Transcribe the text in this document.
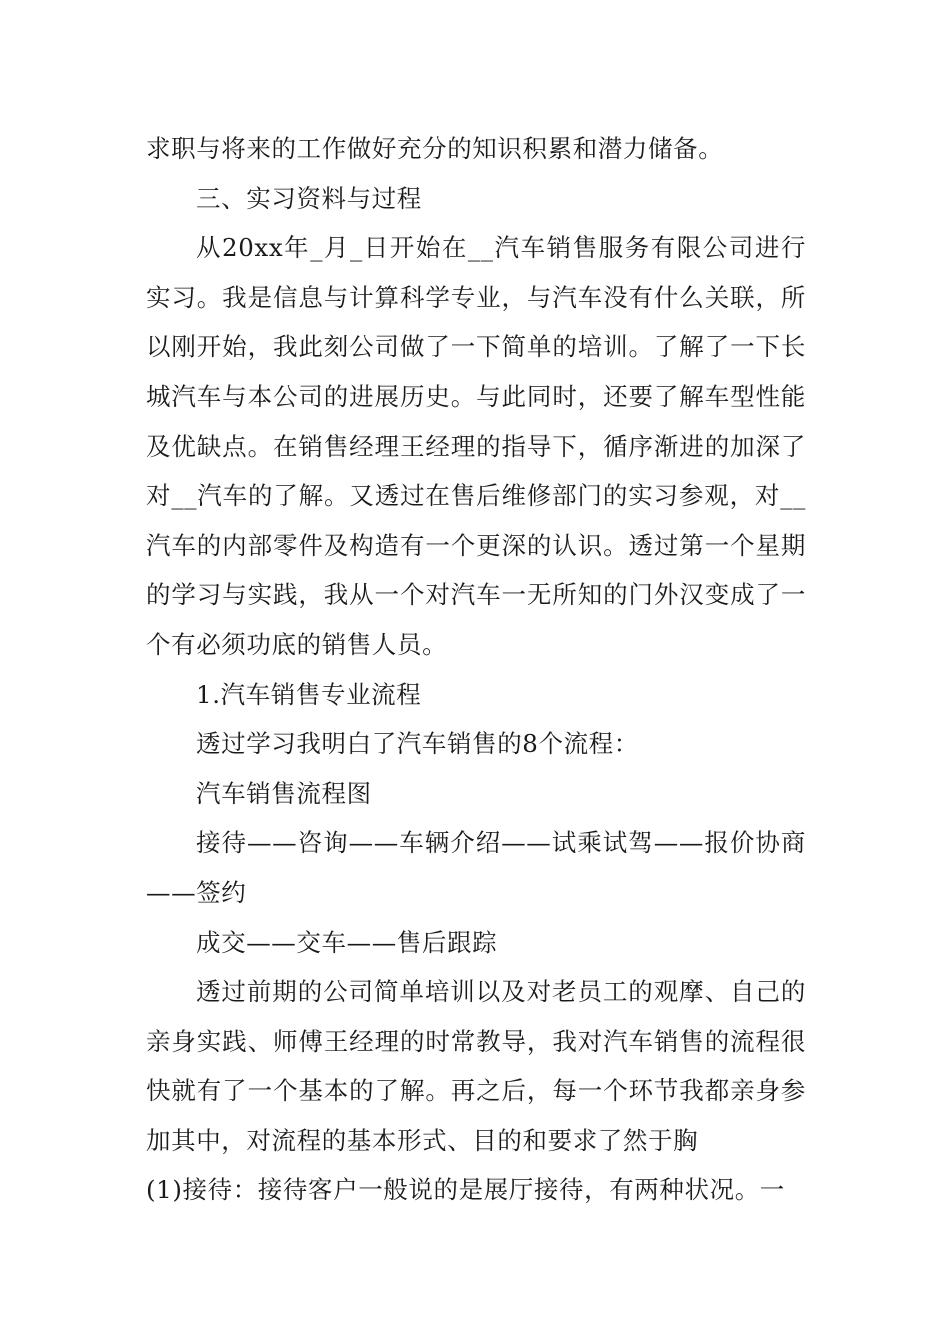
求职与将来的工作做好充分的知识积累和潜力储备。

三、实习资料与过程

从20xx年_月_日开始在__汽车销售服务有限公司进行实习。我是信息与计算科学专业，与汽车没有什么关联，所以刚开始，我此刻公司做了一下简单的培训。了解了一下长城汽车与本公司的进展历史。与此同时，还要了解车型性能及优缺点。在销售经理王经理的指导下，循序渐进的加深了对__汽车的了解。又透过在售后维修部门的实习参观，对__汽车的内部零件及构造有一个更深的认识。透过第一个星期的学习与实践，我从一个对汽车一无所知的门外汉变成了一个有必须功底的销售人员。

1.汽车销售专业流程

透过学习我明白了汽车销售的8个流程：

汽车销售流程图

接待——咨询——车辆介绍——试乘试驾——报价协商——签约

成交——交车——售后跟踪

透过前期的公司简单培训以及对老员工的观摩、自己的亲身实践、师傅王经理的时常教导，我对汽车销售的流程很快就有了一个基本的了解。再之后，每一个环节我都亲身参加其中，对流程的基本形式、目的和要求了然于胸

(1)接待：接待客户一般说的是展厅接待，有两种状况。一
